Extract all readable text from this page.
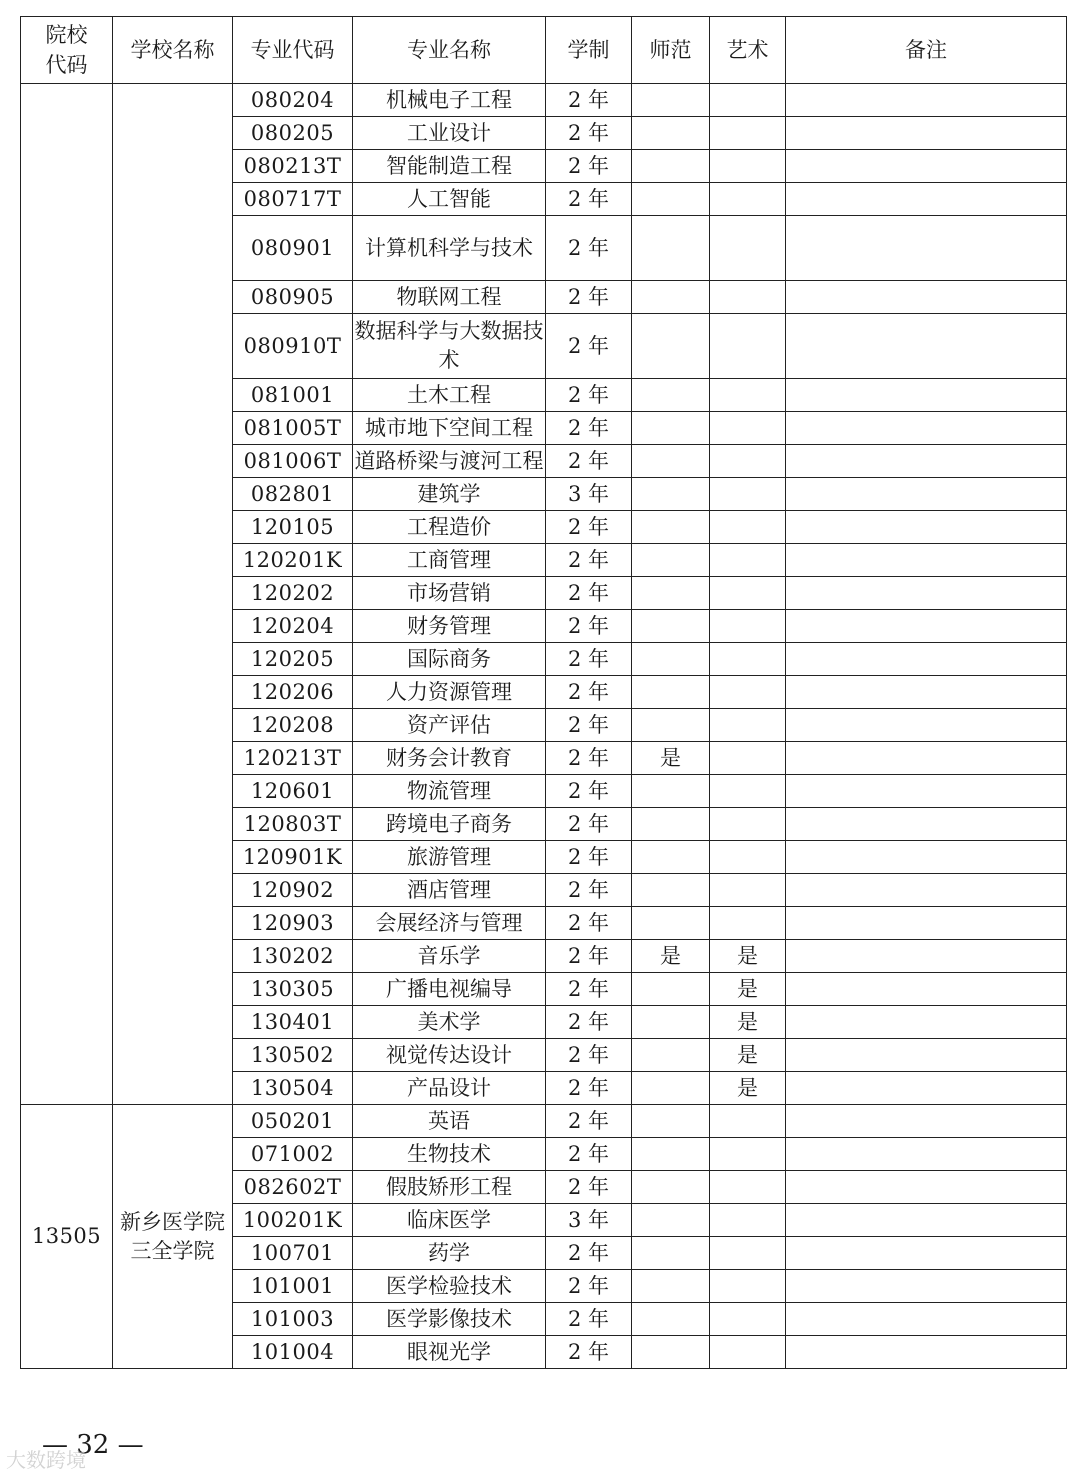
院校代码	学校名称	专业代码	专业名称	学制	师范	艺术	备注
		080204	机械电子工程	2 年			
		080205	工业设计	2 年			
		080213T	智能制造工程	2 年			
		080717T	人工智能	2 年			
		080901	计算机科学与技术	2 年			
		080905	物联网工程	2 年			
		080910T	数据科学与大数据技术	2 年			
		081001	土木工程	2 年			
		081005T	城市地下空间工程	2 年			
		081006T	道路桥梁与渡河工程	2 年			
		082801	建筑学	3 年			
		120105	工程造价	2 年			
		120201K	工商管理	2 年			
		120202	市场营销	2 年			
		120204	财务管理	2 年			
		120205	国际商务	2 年			
		120206	人力资源管理	2 年			
		120208	资产评估	2 年			
		120213T	财务会计教育	2 年	是		
		120601	物流管理	2 年			
		120803T	跨境电子商务	2 年			
		120901K	旅游管理	2 年			
		120902	酒店管理	2 年			
		120903	会展经济与管理	2 年			
		130202	音乐学	2 年	是	是	
		130305	广播电视编导	2 年		是	
		130401	美术学	2 年		是	
		130502	视觉传达设计	2 年		是	
		130504	产品设计	2 年		是	
13505	新乡医学院三全学院	050201	英语	2 年			
		071002	生物技术	2 年			
		082602T	假肢矫形工程	2 年			
		100201K	临床医学	3 年			
		100701	药学	2 年			
		101001	医学检验技术	2 年			
		101003	医学影像技术	2 年			
		101004	眼视光学	2 年			
— 32 —
大数跨境
